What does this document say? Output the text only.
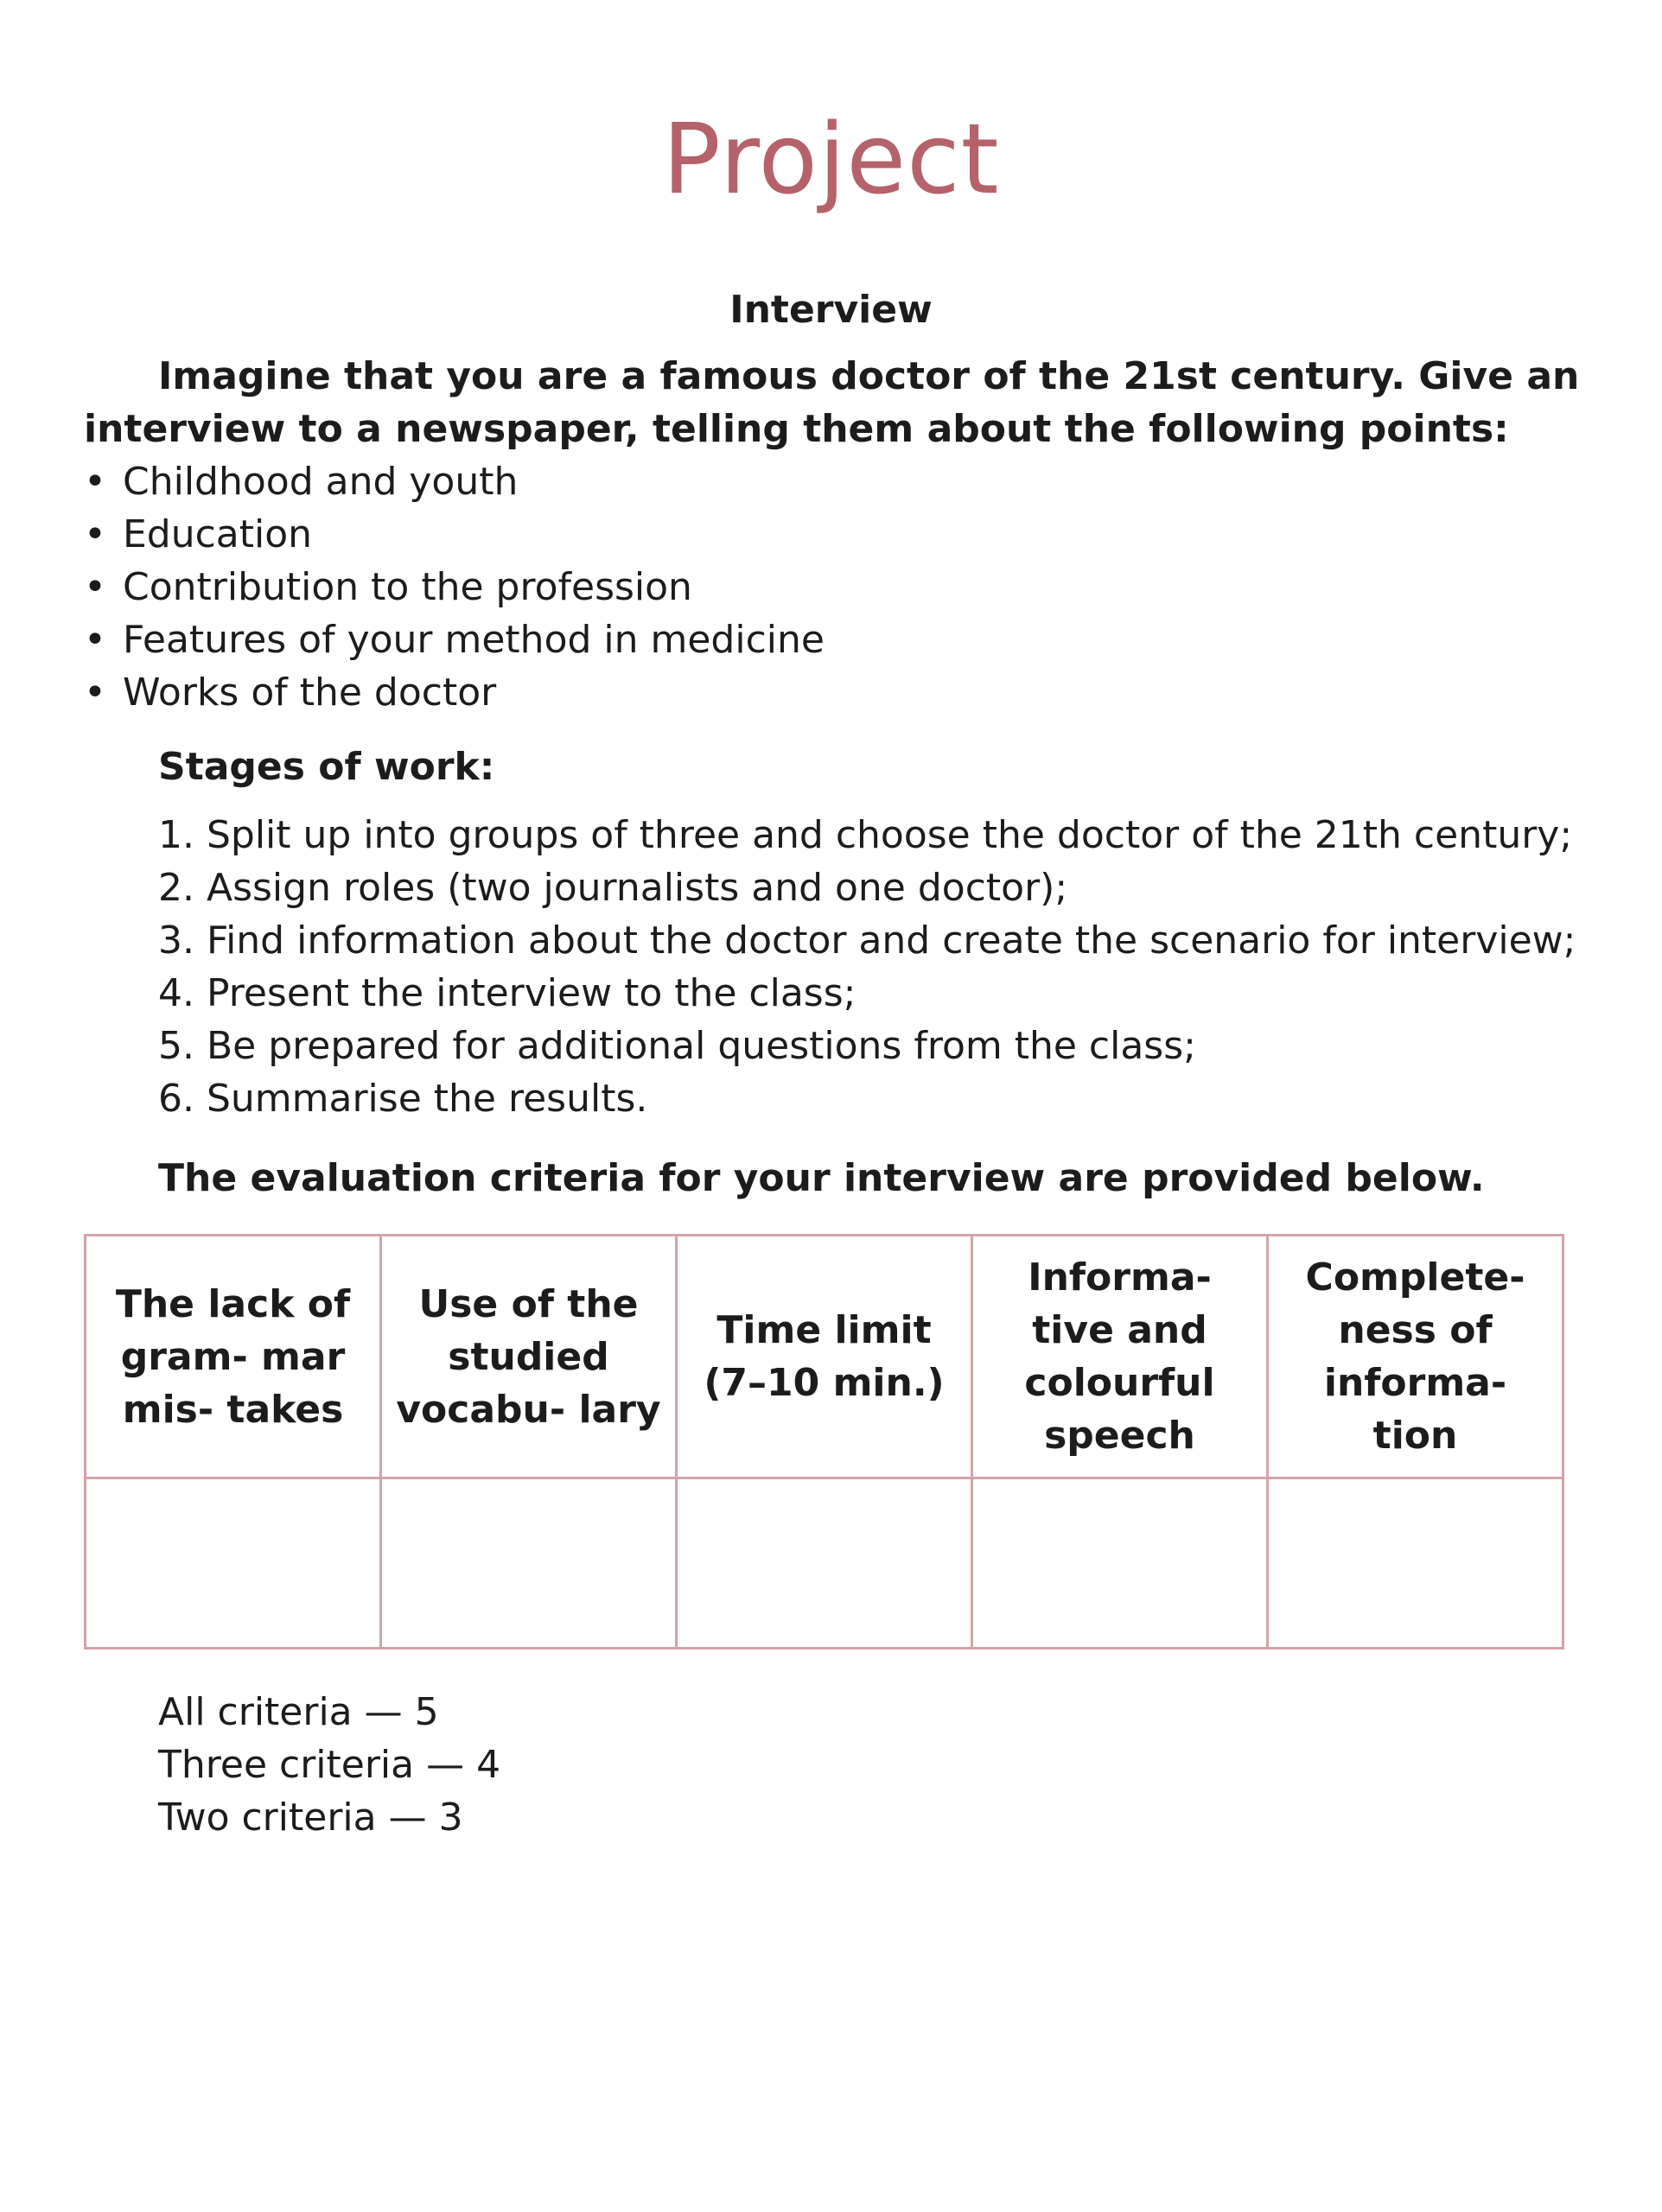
Project
Interview
Imagine that you are a famous doctor of the 21st century. Give an interview to a newspaper, telling them about the following points:
• Childhood and youth
• Education
• Contribution to the profession
• Features of your method in medicine
• Works of the doctor
Stages of work:
1. Split up into groups of three and choose the doctor of the 21th century;
2. Assign roles (two journalists and one doctor);
3. Find information about the doctor and create the scenario for interview;
4. Present the interview to the class;
5. Be prepared for additional questions from the class;
6. Summarise the results.
The evaluation criteria for your interview are provided below.
The lack of gram- mar mis- takes	Use of the studied vocabu- lary	Time limit (7–10 min.)	Informa- tive and colourful speech	Complete- ness of informa- tion

All criteria — 5
Three criteria — 4
Two criteria — 3
